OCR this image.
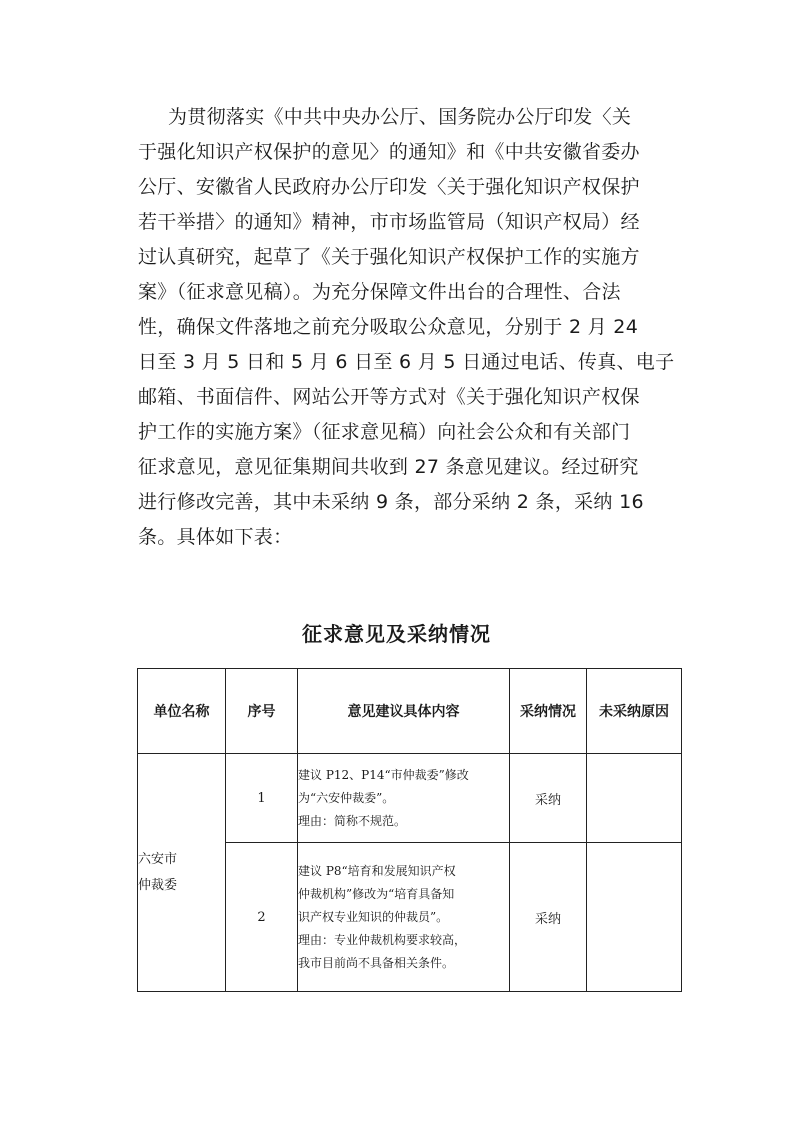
为贯彻落实《中共中央办公厅、国务院办公厅印发〈关
于强化知识产权保护的意见〉的通知》和《中共安徽省委办
公厅、安徽省人民政府办公厅印发〈关于强化知识产权保护
若干举措〉的通知》精神，市市场监管局（知识产权局）经
过认真研究，起草了《关于强化知识产权保护工作的实施方
案》（征求意见稿）。为充分保障文件出台的合理性、合法
性，确保文件落地之前充分吸取公众意见，分别于 2 月 24
日至 3 月 5 日和 5 月 6 日至 6 月 5 日通过电话、传真、电子
邮箱、书面信件、网站公开等方式对《关于强化知识产权保
护工作的实施方案》（征求意见稿）向社会公众和有关部门
征求意见，意见征集期间共收到 27 条意见建议。经过研究
进行修改完善，其中未采纳 9 条，部分采纳 2 条，采纳 16
条。具体如下表：
征求意见及采纳情况
单位名称	序号	意见建议具体内容	采纳情况	未采纳原因
六安市
仲裁委	1	建议 P12、P14“市仲裁委”修改
为“六安仲裁委”。
理由：简称不规范。	采纳	
	2	建议 P8“培育和发展知识产权
仲裁机构”修改为“培育具备知
识产权专业知识的仲裁员”。
理由：专业仲裁机构要求较高，
我市目前尚不具备相关条件。	采纳	
